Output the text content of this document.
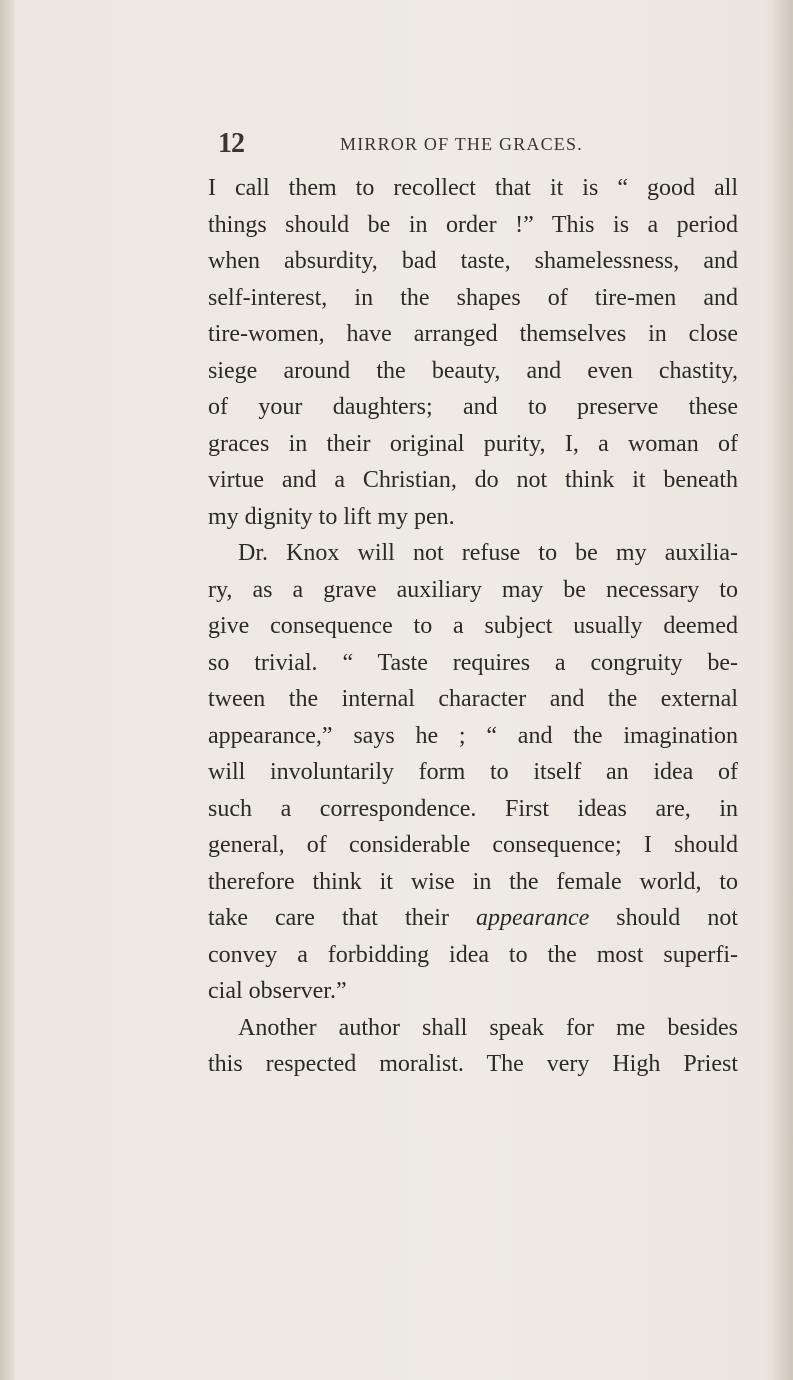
12	MIRROR OF THE GRACES.
I call them to recollect that it is “ good all
things should be in order !” This is a period
when absurdity, bad taste, shamelessness, and
self-interest, in the shapes of tire-men and
tire-women, have arranged themselves in close
siege around the beauty, and even chastity,
of your daughters; and to preserve these
graces in their original purity, I, a woman of
virtue and a Christian, do not think it beneath
my dignity to lift my pen.
Dr. Knox will not refuse to be my auxilia-
ry, as a grave auxiliary may be necessary to
give consequence to a subject usually deemed
so trivial. “ Taste requires a congruity be-
tween the internal character and the external
appearance,” says he ; “ and the imagination
will involuntarily form to itself an idea of
such a correspondence. First ideas are, in
general, of considerable consequence; I should
therefore think it wise in the female world, to
take care that their appearance should not
convey a forbidding idea to the most superfi-
cial observer.”
Another author shall speak for me besides
this respected moralist. The very High Priest
